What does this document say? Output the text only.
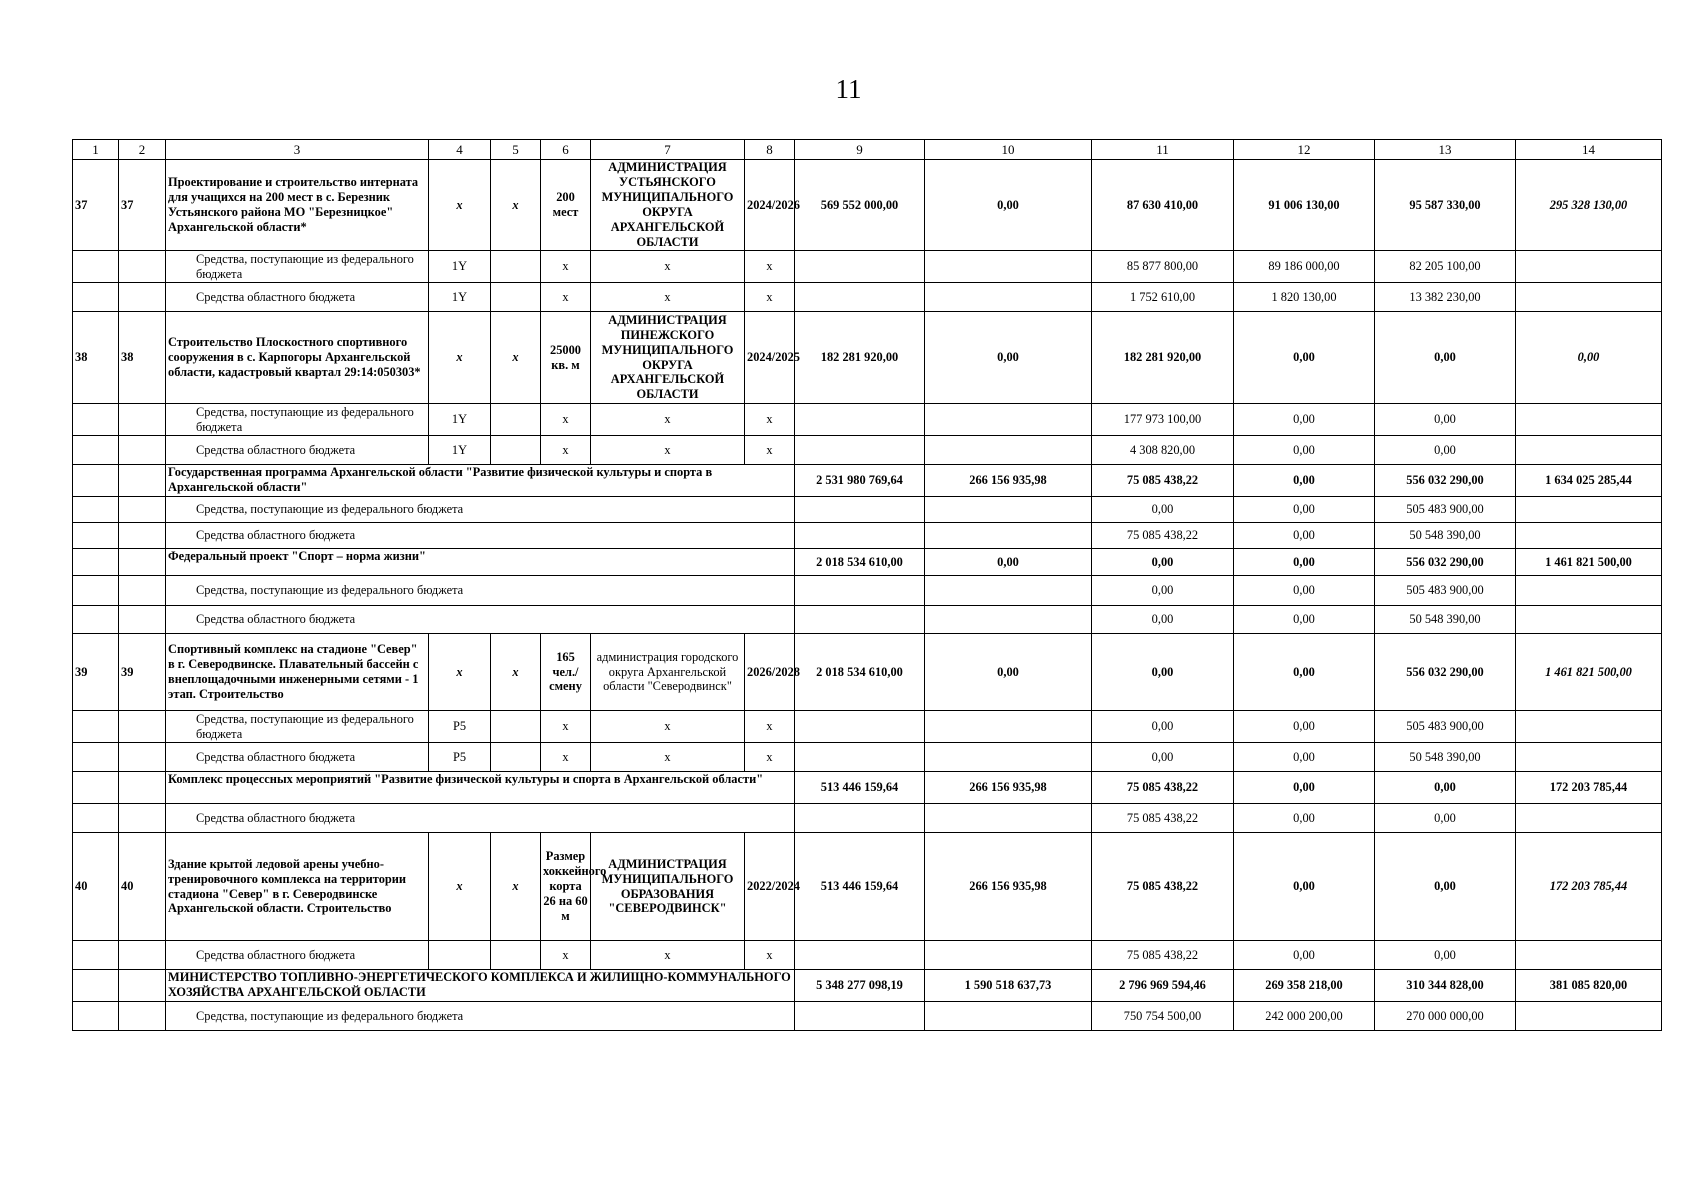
11
1	2	3	4	5	6	7	8	9	10	11	12	13	14
37	37	Проектирование и строительство интерната для учащихся на 200 мест в с. Березник Устьянского района МО "Березницкое" Архангельской области*	x	x	200 мест	АДМИНИСТРАЦИЯ УСТЬЯНСКОГО МУНИЦИПАЛЬНОГО ОКРУГА АРХАНГЕЛЬСКОЙ ОБЛАСТИ	2024/2026	569 552 000,00	0,00	87 630 410,00	91 006 130,00	95 587 330,00	295 328 130,00
		Средства, поступающие из федерального бюджета	1Y		x	x	x			85 877 800,00	89 186 000,00	82 205 100,00	
		Средства областного бюджета	1Y		x	x	x			1 752 610,00	1 820 130,00	13 382 230,00	
38	38	Строительство Плоскостного спортивного сооружения в с. Карпогоры Архангельской области, кадастровый квартал 29:14:050303*	x	x	25000 кв. м	АДМИНИСТРАЦИЯ ПИНЕЖСКОГО МУНИЦИПАЛЬНОГО ОКРУГА АРХАНГЕЛЬСКОЙ ОБЛАСТИ	2024/2025	182 281 920,00	0,00	182 281 920,00	0,00	0,00	0,00
		Средства, поступающие из федерального бюджета	1Y		x	x	x			177 973 100,00	0,00	0,00	
		Средства областного бюджета	1Y		x	x	x			4 308 820,00	0,00	0,00	
		Государственная программа Архангельской области "Развитие физической культуры и спорта в Архангельской области"						2 531 980 769,64	266 156 935,98	75 085 438,22	0,00	556 032 290,00	1 634 025 285,44
		Средства, поступающие из федерального бюджета								0,00	0,00	505 483 900,00	
		Средства областного бюджета								75 085 438,22	0,00	50 548 390,00	
		Федеральный проект "Спорт – норма жизни"						2 018 534 610,00	0,00	0,00	0,00	556 032 290,00	1 461 821 500,00
		Средства, поступающие из федерального бюджета								0,00	0,00	505 483 900,00	
		Средства областного бюджета								0,00	0,00	50 548 390,00	
39	39	Спортивный комплекс на стадионе "Север" в г. Северодвинске. Плавательный бассейн с внеплощадочными инженерными сетями - 1 этап. Строительство	x	x	165 чел./смену	администрация городского округа Архангельской области "Северодвинск"	2026/2028	2 018 534 610,00	0,00	0,00	0,00	556 032 290,00	1 461 821 500,00
		Средства, поступающие из федерального бюджета	P5		x	x	x			0,00	0,00	505 483 900,00	
		Средства областного бюджета	P5		x	x	x			0,00	0,00	50 548 390,00	
		Комплекс процессных мероприятий "Развитие физической культуры и спорта в Архангельской области"						513 446 159,64	266 156 935,98	75 085 438,22	0,00	0,00	172 203 785,44
		Средства областного бюджета								75 085 438,22	0,00	0,00	
40	40	Здание крытой ледовой арены учебно-тренировочного комплекса на территории стадиона "Север" в г. Северодвинске Архангельской области. Строительство	x	x	Размер хоккейного корта 26 на 60 м	АДМИНИСТРАЦИЯ МУНИЦИПАЛЬНОГО ОБРАЗОВАНИЯ "СЕВЕРОДВИНСК"	2022/2024	513 446 159,64	266 156 935,98	75 085 438,22	0,00	0,00	172 203 785,44
		Средства областного бюджета			x	x	x			75 085 438,22	0,00	0,00	
		МИНИСТЕРСТВО ТОПЛИВНО-ЭНЕРГЕТИЧЕСКОГО КОМПЛЕКСА И ЖИЛИЩНО-КОММУНАЛЬНОГО ХОЗЯЙСТВА АРХАНГЕЛЬСКОЙ ОБЛАСТИ						5 348 277 098,19	1 590 518 637,73	2 796 969 594,46	269 358 218,00	310 344 828,00	381 085 820,00
		Средства, поступающие из федерального бюджета								750 754 500,00	242 000 200,00	270 000 000,00	
